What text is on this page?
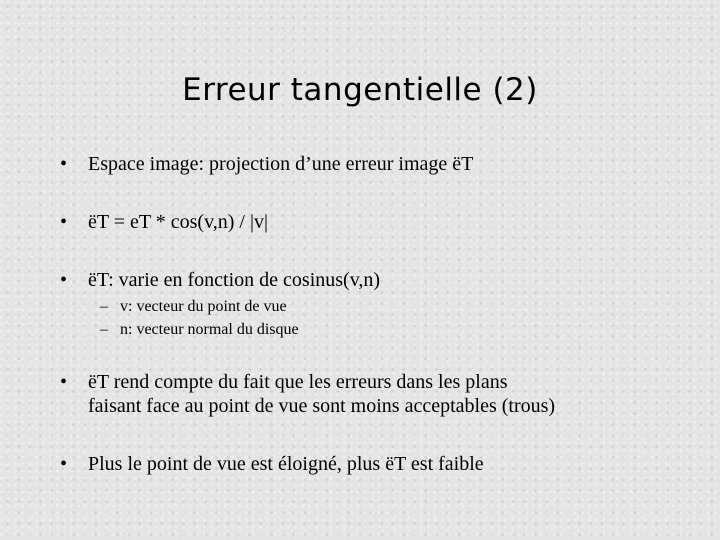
Erreur tangentielle (2)
•	Espace image: projection d’une erreur image ëT
•	ëT = eT * cos(v,n) / |v|
•	ëT: varie en fonction de cosinus(v,n)
– v: vecteur du point de vue
– n: vecteur normal du disque
•	ëT rend compte du fait que les erreurs dans les plans
faisant face au point de vue sont moins acceptables (trous)
•	Plus le point de vue est éloigné, plus ëT est faible
